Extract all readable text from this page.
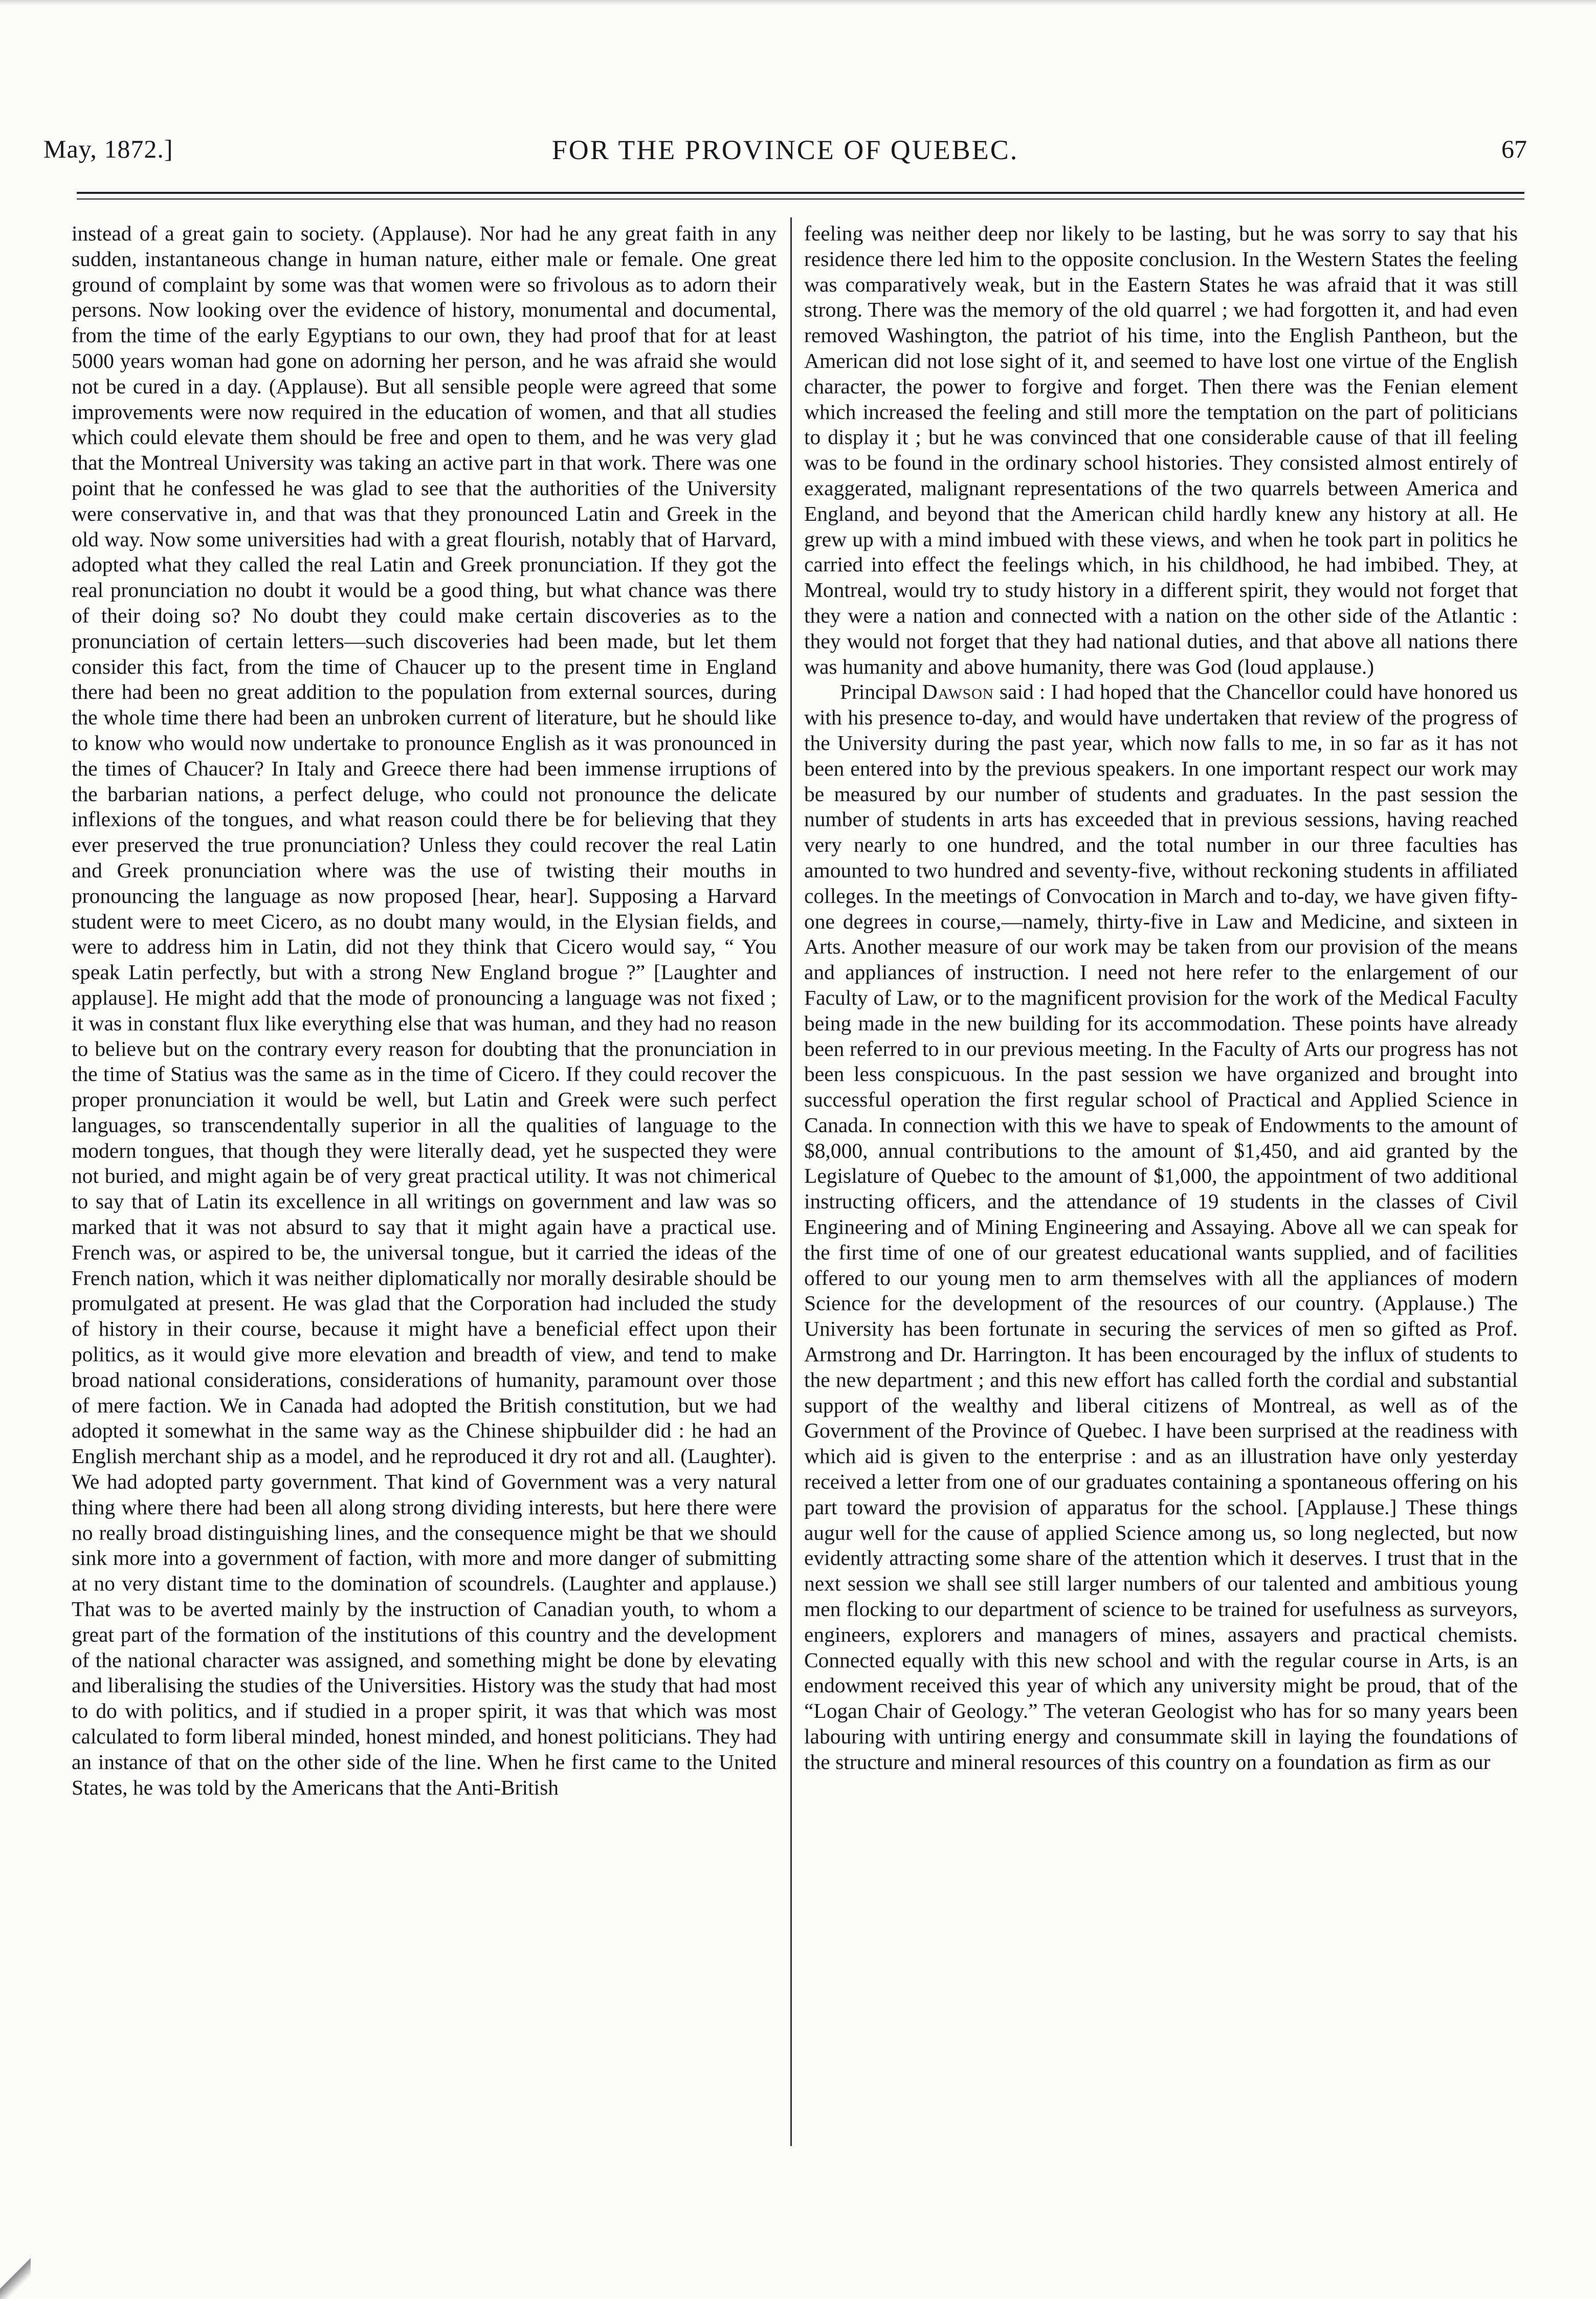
May, 1872.]	FOR THE PROVINCE OF QUEBEC.	67

instead of a great gain to society. (Applause). Nor had he any great faith in any sudden, instantaneous change in human nature, either male or female. One great ground of complaint by some was that women were so frivolous as to adorn their persons. Now looking over the evidence of history, monumental and documental, from the time of the early Egyptians to our own, they had proof that for at least 5000 years woman had gone on adorning her person, and he was afraid she would not be cured in a day. (Applause). But all sensible people were agreed that some improvements were now required in the education of women, and that all studies which could elevate them should be free and open to them, and he was very glad that the Montreal University was taking an active part in that work. There was one point that he confessed he was glad to see that the authorities of the University were conservative in, and that was that they pronounced Latin and Greek in the old way. Now some universities had with a great flourish, notably that of Harvard, adopted what they called the real Latin and Greek pronunciation. If they got the real pronunciation no doubt it would be a good thing, but what chance was there of their doing so? No doubt they could make certain discoveries as to the pronunciation of certain letters—such discoveries had been made, but let them consider this fact, from the time of Chaucer up to the present time in England there had been no great addition to the population from external sources, during the whole time there had been an unbroken current of literature, but he should like to know who would now undertake to pronounce English as it was pronounced in the times of Chaucer? In Italy and Greece there had been immense irruptions of the barbarian nations, a perfect deluge, who could not pronounce the delicate inflexions of the tongues, and what reason could there be for believing that they ever preserved the true pronunciation? Unless they could recover the real Latin and Greek pronunciation where was the use of twisting their mouths in pronouncing the language as now proposed [hear, hear]. Supposing a Harvard student were to meet Cicero, as no doubt many would, in the Elysian fields, and were to address him in Latin, did not they think that Cicero would say, “ You speak Latin perfectly, but with a strong New England brogue ?” [Laughter and applause]. He might add that the mode of pronouncing a language was not fixed ; it was in constant flux like everything else that was human, and they had no reason to believe but on the contrary every reason for doubting that the pronunciation in the time of Statius was the same as in the time of Cicero. If they could recover the proper pronunciation it would be well, but Latin and Greek were such perfect languages, so transcendentally superior in all the qualities of language to the modern tongues, that though they were literally dead, yet he suspected they were not buried, and might again be of very great practical utility. It was not chimerical to say that of Latin its excellence in all writings on government and law was so marked that it was not absurd to say that it might again have a practical use. French was, or aspired to be, the universal tongue, but it carried the ideas of the French nation, which it was neither diplomatically nor morally desirable should be promulgated at present. He was glad that the Corporation had included the study of history in their course, because it might have a beneficial effect upon their politics, as it would give more elevation and breadth of view, and tend to make broad national considerations, considerations of humanity, paramount over those of mere faction. We in Canada had adopted the British constitution, but we had adopted it somewhat in the same way as the Chinese shipbuilder did : he had an English merchant ship as a model, and he reproduced it dry rot and all. (Laughter). We had adopted party government. That kind of Government was a very natural thing where there had been all along strong dividing interests, but here there were no really broad distinguishing lines, and the consequence might be that we should sink more into a government of faction, with more and more danger of submitting at no very distant time to the domination of scoundrels. (Laughter and applause.) That was to be averted mainly by the instruction of Canadian youth, to whom a great part of the formation of the institutions of this country and the development of the national character was assigned, and something might be done by elevating and liberalising the studies of the Universities. History was the study that had most to do with politics, and if studied in a proper spirit, it was that which was most calculated to form liberal minded, honest minded, and honest politicians. They had an instance of that on the other side of the line. When he first came to the United States, he was told by the Americans that the Anti-British

feeling was neither deep nor likely to be lasting, but he was sorry to say that his residence there led him to the opposite conclusion. In the Western States the feeling was comparatively weak, but in the Eastern States he was afraid that it was still strong. There was the memory of the old quarrel ; we had forgotten it, and had even removed Washington, the patriot of his time, into the English Pantheon, but the American did not lose sight of it, and seemed to have lost one virtue of the English character, the power to forgive and forget. Then there was the Fenian element which increased the feeling and still more the temptation on the part of politicians to display it ; but he was convinced that one considerable cause of that ill feeling was to be found in the ordinary school histories. They consisted almost entirely of exaggerated, malignant representations of the two quarrels between America and England, and beyond that the American child hardly knew any history at all. He grew up with a mind imbued with these views, and when he took part in politics he carried into effect the feelings which, in his childhood, he had imbibed. They, at Montreal, would try to study history in a different spirit, they would not forget that they were a nation and connected with a nation on the other side of the Atlantic : they would not forget that they had national duties, and that above all nations there was humanity and above humanity, there was God (loud applause.)

Principal Dawson said : I had hoped that the Chancellor could have honored us with his presence to-day, and would have undertaken that review of the progress of the University during the past year, which now falls to me, in so far as it has not been entered into by the previous speakers. In one important respect our work may be measured by our number of students and graduates. In the past session the number of students in arts has exceeded that in previous sessions, having reached very nearly to one hundred, and the total number in our three faculties has amounted to two hundred and seventy-five, without reckoning students in affiliated colleges. In the meetings of Convocation in March and to-day, we have given fifty-one degrees in course,—namely, thirty-five in Law and Medicine, and sixteen in Arts. Another measure of our work may be taken from our provision of the means and appliances of instruction. I need not here refer to the enlargement of our Faculty of Law, or to the magnificent provision for the work of the Medical Faculty being made in the new building for its accommodation. These points have already been referred to in our previous meeting. In the Faculty of Arts our progress has not been less conspicuous. In the past session we have organized and brought into successful operation the first regular school of Practical and Applied Science in Canada. In connection with this we have to speak of Endowments to the amount of $8,000, annual contributions to the amount of $1,450, and aid granted by the Legislature of Quebec to the amount of $1,000, the appointment of two additional instructing officers, and the attendance of 19 students in the classes of Civil Engineering and of Mining Engineering and Assaying. Above all we can speak for the first time of one of our greatest educational wants supplied, and of facilities offered to our young men to arm themselves with all the appliances of modern Science for the development of the resources of our country. (Applause.) The University has been fortunate in securing the services of men so gifted as Prof. Armstrong and Dr. Harrington. It has been encouraged by the influx of students to the new department ; and this new effort has called forth the cordial and substantial support of the wealthy and liberal citizens of Montreal, as well as of the Government of the Province of Quebec. I have been surprised at the readiness with which aid is given to the enterprise : and as an illustration have only yesterday received a letter from one of our graduates containing a spontaneous offering on his part toward the provision of apparatus for the school. [Applause.] These things augur well for the cause of applied Science among us, so long neglected, but now evidently attracting some share of the attention which it deserves. I trust that in the next session we shall see still larger numbers of our talented and ambitious young men flocking to our department of science to be trained for usefulness as surveyors, engineers, explorers and managers of mines, assayers and practical chemists. Connected equally with this new school and with the regular course in Arts, is an endowment received this year of which any university might be proud, that of the “Logan Chair of Geology.” The veteran Geologist who has for so many years been labouring with untiring energy and consummate skill in laying the foundations of the structure and mineral resources of this country on a foundation as firm as our
